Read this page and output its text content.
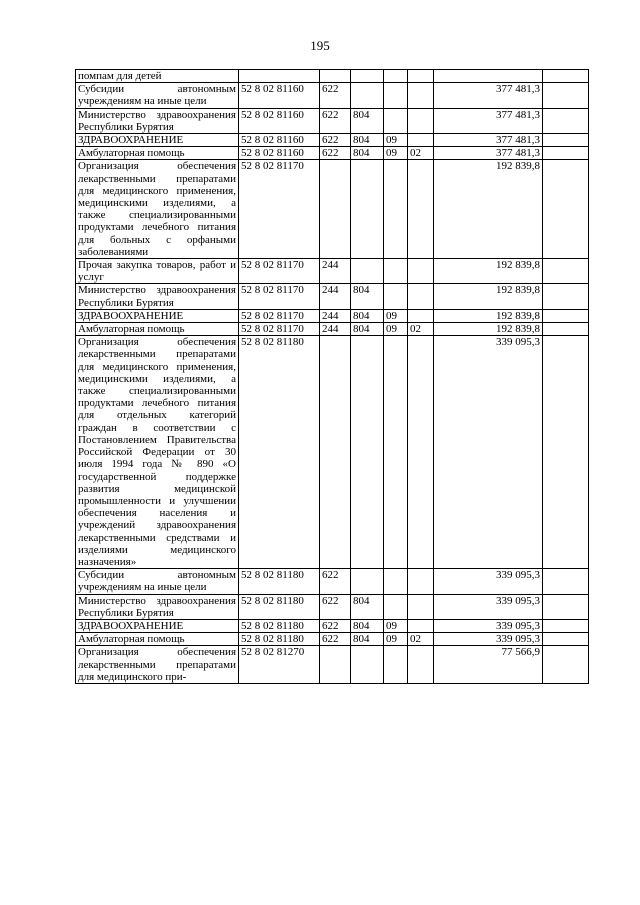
195
помпам для детей							
Субсидии автономным учреждениям на иные цели	52 8 02 81160	622				377 481,3	
Министерство здравоохранения Республики Бурятия	52 8 02 81160	622	804			377 481,3	
ЗДРАВООХРАНЕНИЕ	52 8 02 81160	622	804	09		377 481,3	
Амбулаторная помощь	52 8 02 81160	622	804	09	02	377 481,3	
Организация обеспечения лекарственными препаратами для медицинского применения, медицинскими изделиями, а также специализированными продуктами лечебного питания для больных с орфаными заболеваниями	52 8 02 81170					192 839,8	
Прочая закупка товаров, работ и услуг	52 8 02 81170	244				192 839,8	
Министерство здравоохранения Республики Бурятия	52 8 02 81170	244	804			192 839,8	
ЗДРАВООХРАНЕНИЕ	52 8 02 81170	244	804	09		192 839,8	
Амбулаторная помощь	52 8 02 81170	244	804	09	02	192 839,8	
Организация обеспечения лекарственными препаратами для медицинского применения, медицинскими изделиями, а также специализированными продуктами лечебного питания для отдельных категорий граждан в соответствии с Постановлением Правительства Российской Федерации от 30 июля 1994 года № 890 «О государственной поддержке развития медицинской промышленности и улучшении обеспечения населения и учреждений здравоохранения лекарственными средствами и изделиями медицинского назначения»	52 8 02 81180					339 095,3	
Субсидии автономным учреждениям на иные цели	52 8 02 81180	622				339 095,3	
Министерство здравоохранения Республики Бурятия	52 8 02 81180	622	804			339 095,3	
ЗДРАВООХРАНЕНИЕ	52 8 02 81180	622	804	09		339 095,3	
Амбулаторная помощь	52 8 02 81180	622	804	09	02	339 095,3	
Организация обеспечения лекарственными препаратами для медицинского при-	52 8 02 81270					77 566,9	
